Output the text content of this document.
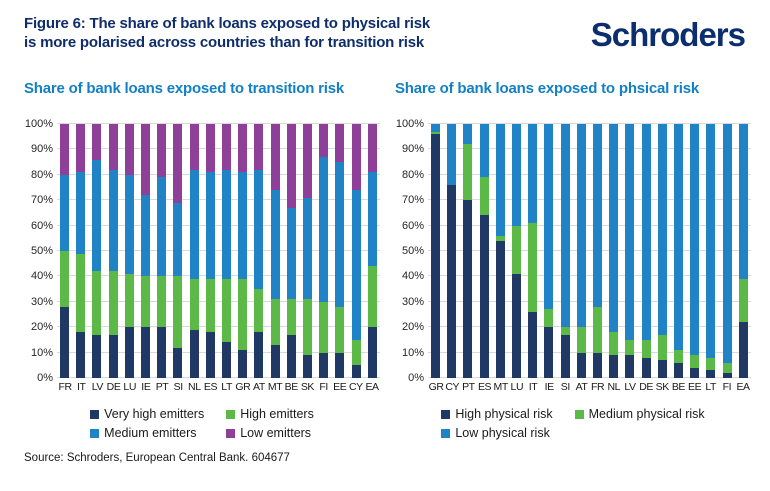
Figure 6: The share of bank loans exposed to physical risk
is more polarised across countries than for transition risk	Schroders
Share of bank loans exposed to transition risk
100%
90%
80%
70%
60%
50%
40%
30%
20%
10%
0%
FR IT LV DE LU IE PT SI NL ES LT GR AT MT BE SK FI EE CY EA
Very high emitters	High emitters
Medium emitters	Low emitters
Share of bank loans exposed to phsical risk
100%
90%
80%
70%
60%
50%
40%
30%
20%
10%
0%
GR CY PT ES MT LU IT IE SI AT FR NL LV DE SK BE EE LT FI EA
High physical risk	Medium physical risk
Low physical risk
Source: Schroders, European Central Bank. 604677
